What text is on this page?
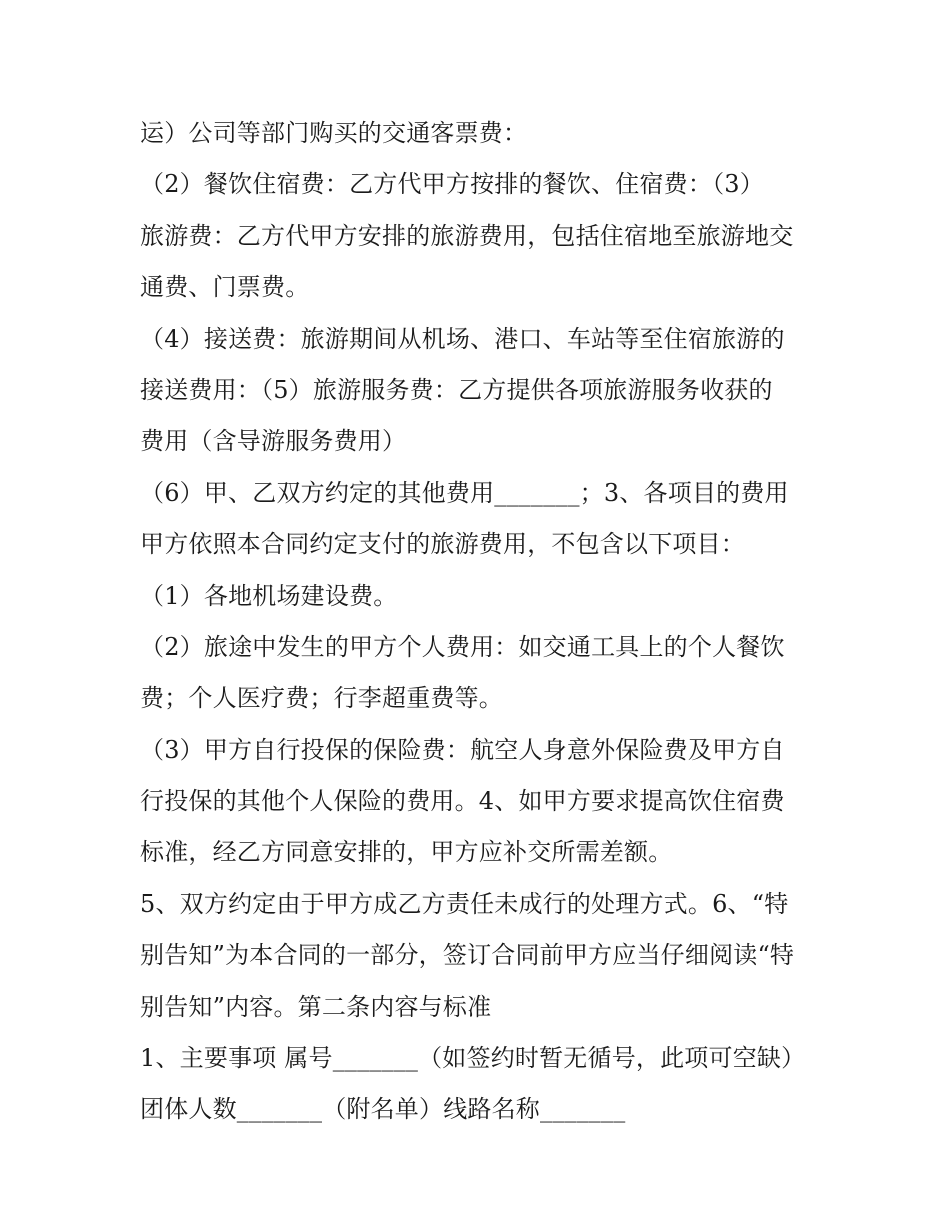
运）公司等部门购买的交通客票费：
（2）餐饮住宿费：乙方代甲方按排的餐饮、住宿费：（3）
旅游费：乙方代甲方安排的旅游费用，包括住宿地至旅游地交
通费、门票费。
（4）接送费：旅游期间从机场、港口、车站等至住宿旅游的
接送费用：（5）旅游服务费：乙方提供各项旅游服务收获的
费用（含导游服务费用）
（6）甲、乙双方约定的其他费用_______；3、各项目的费用
甲方依照本合同约定支付的旅游费用，不包含以下项目：
（1）各地机场建设费。
（2）旅途中发生的甲方个人费用：如交通工具上的个人餐饮
费；个人医疗费；行李超重费等。
（3）甲方自行投保的保险费：航空人身意外保险费及甲方自
行投保的其他个人保险的费用。4、如甲方要求提高饮住宿费
标准，经乙方同意安排的，甲方应补交所需差额。
5、双方约定由于甲方成乙方责任未成行的处理方式。6、“特
别告知”为本合同的一部分，签订合同前甲方应当仔细阅读“特
别告知”内容。第二条内容与标准
1、主要事项 属号_______（如签约时暂无循号，此项可空缺）
团体人数_______（附名单）线路名称_______
